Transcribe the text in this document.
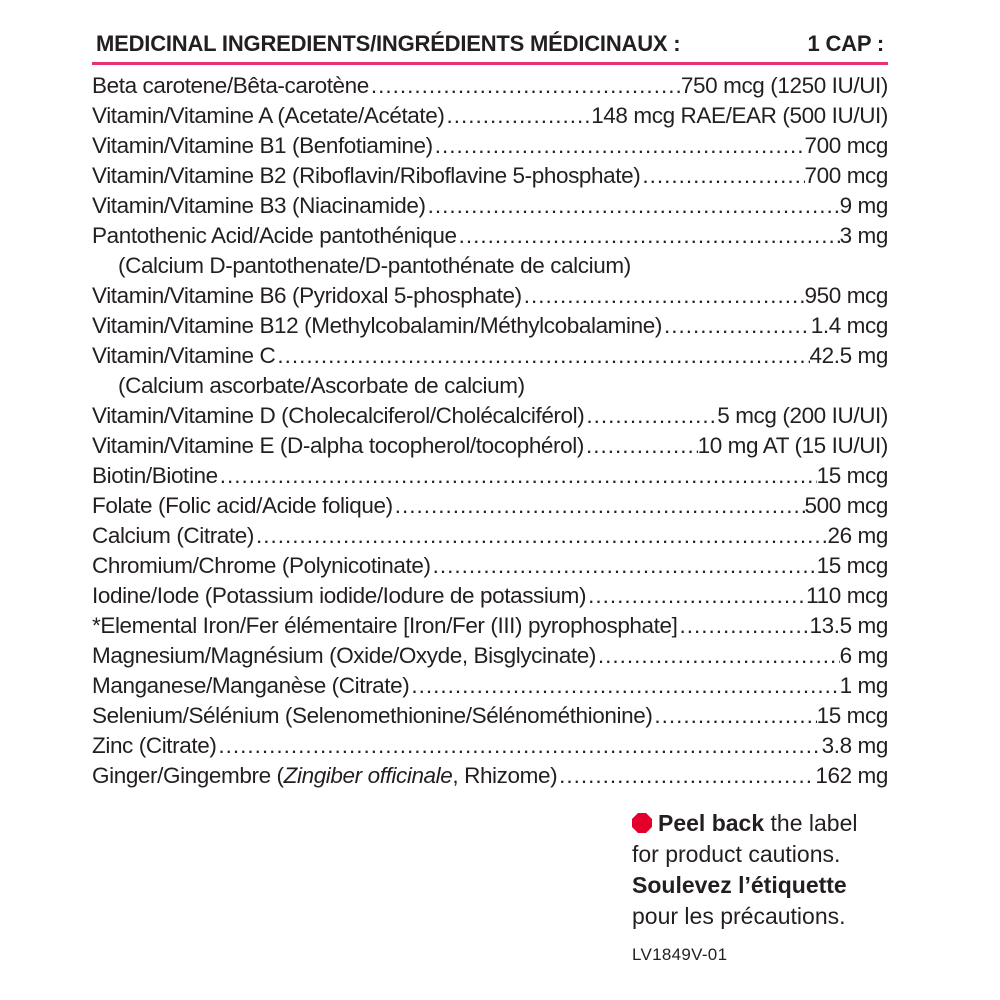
MEDICINAL INGREDIENTS/INGRÉDIENTS MÉDICINAUX :	1 CAP :
Beta carotene/Bêta-carotène .....	750 mcg (1250 IU/UI)
Vitamin/Vitamine A (Acetate/Acétate) .....	148 mcg RAE/EAR (500 IU/UI)
Vitamin/Vitamine B1 (Benfotiamine) .....	700 mcg
Vitamin/Vitamine B2 (Riboflavin/Riboflavine 5-phosphate) .....	700 mcg
Vitamin/Vitamine B3 (Niacinamide) .....	9 mg
Pantothenic Acid/Acide pantothénique .....	3 mg
(Calcium D-pantothenate/D-pantothénate de calcium)
Vitamin/Vitamine B6 (Pyridoxal 5-phosphate) .....	950 mcg
Vitamin/Vitamine B12 (Methylcobalamin/Méthylcobalamine) .....	1.4 mcg
Vitamin/Vitamine C .....	42.5 mg
(Calcium ascorbate/Ascorbate de calcium)
Vitamin/Vitamine D (Cholecalciferol/Cholécalciférol) .....	5 mcg (200 IU/UI)
Vitamin/Vitamine E (D-alpha tocopherol/tocophérol) .....	10 mg AT (15 IU/UI)
Biotin/Biotine .....	15 mcg
Folate (Folic acid/Acide folique) .....	500 mcg
Calcium (Citrate) .....	26 mg
Chromium/Chrome (Polynicotinate) .....	15 mcg
Iodine/Iode (Potassium iodide/Iodure de potassium) .....	110 mcg
*Elemental Iron/Fer élémentaire [Iron/Fer (III) pyrophosphate] .....	13.5 mg
Magnesium/Magnésium (Oxide/Oxyde, Bisglycinate) .....	6 mg
Manganese/Manganèse (Citrate) .....	1 mg
Selenium/Sélénium (Selenomethionine/Sélénométhionine) .....	15 mcg
Zinc (Citrate) .....	3.8 mg
Ginger/Gingembre (Zingiber officinale, Rhizome) .....	162 mg
Peel back the label
for product cautions.
Soulevez l’étiquette
pour les précautions.
LV1849V-01
